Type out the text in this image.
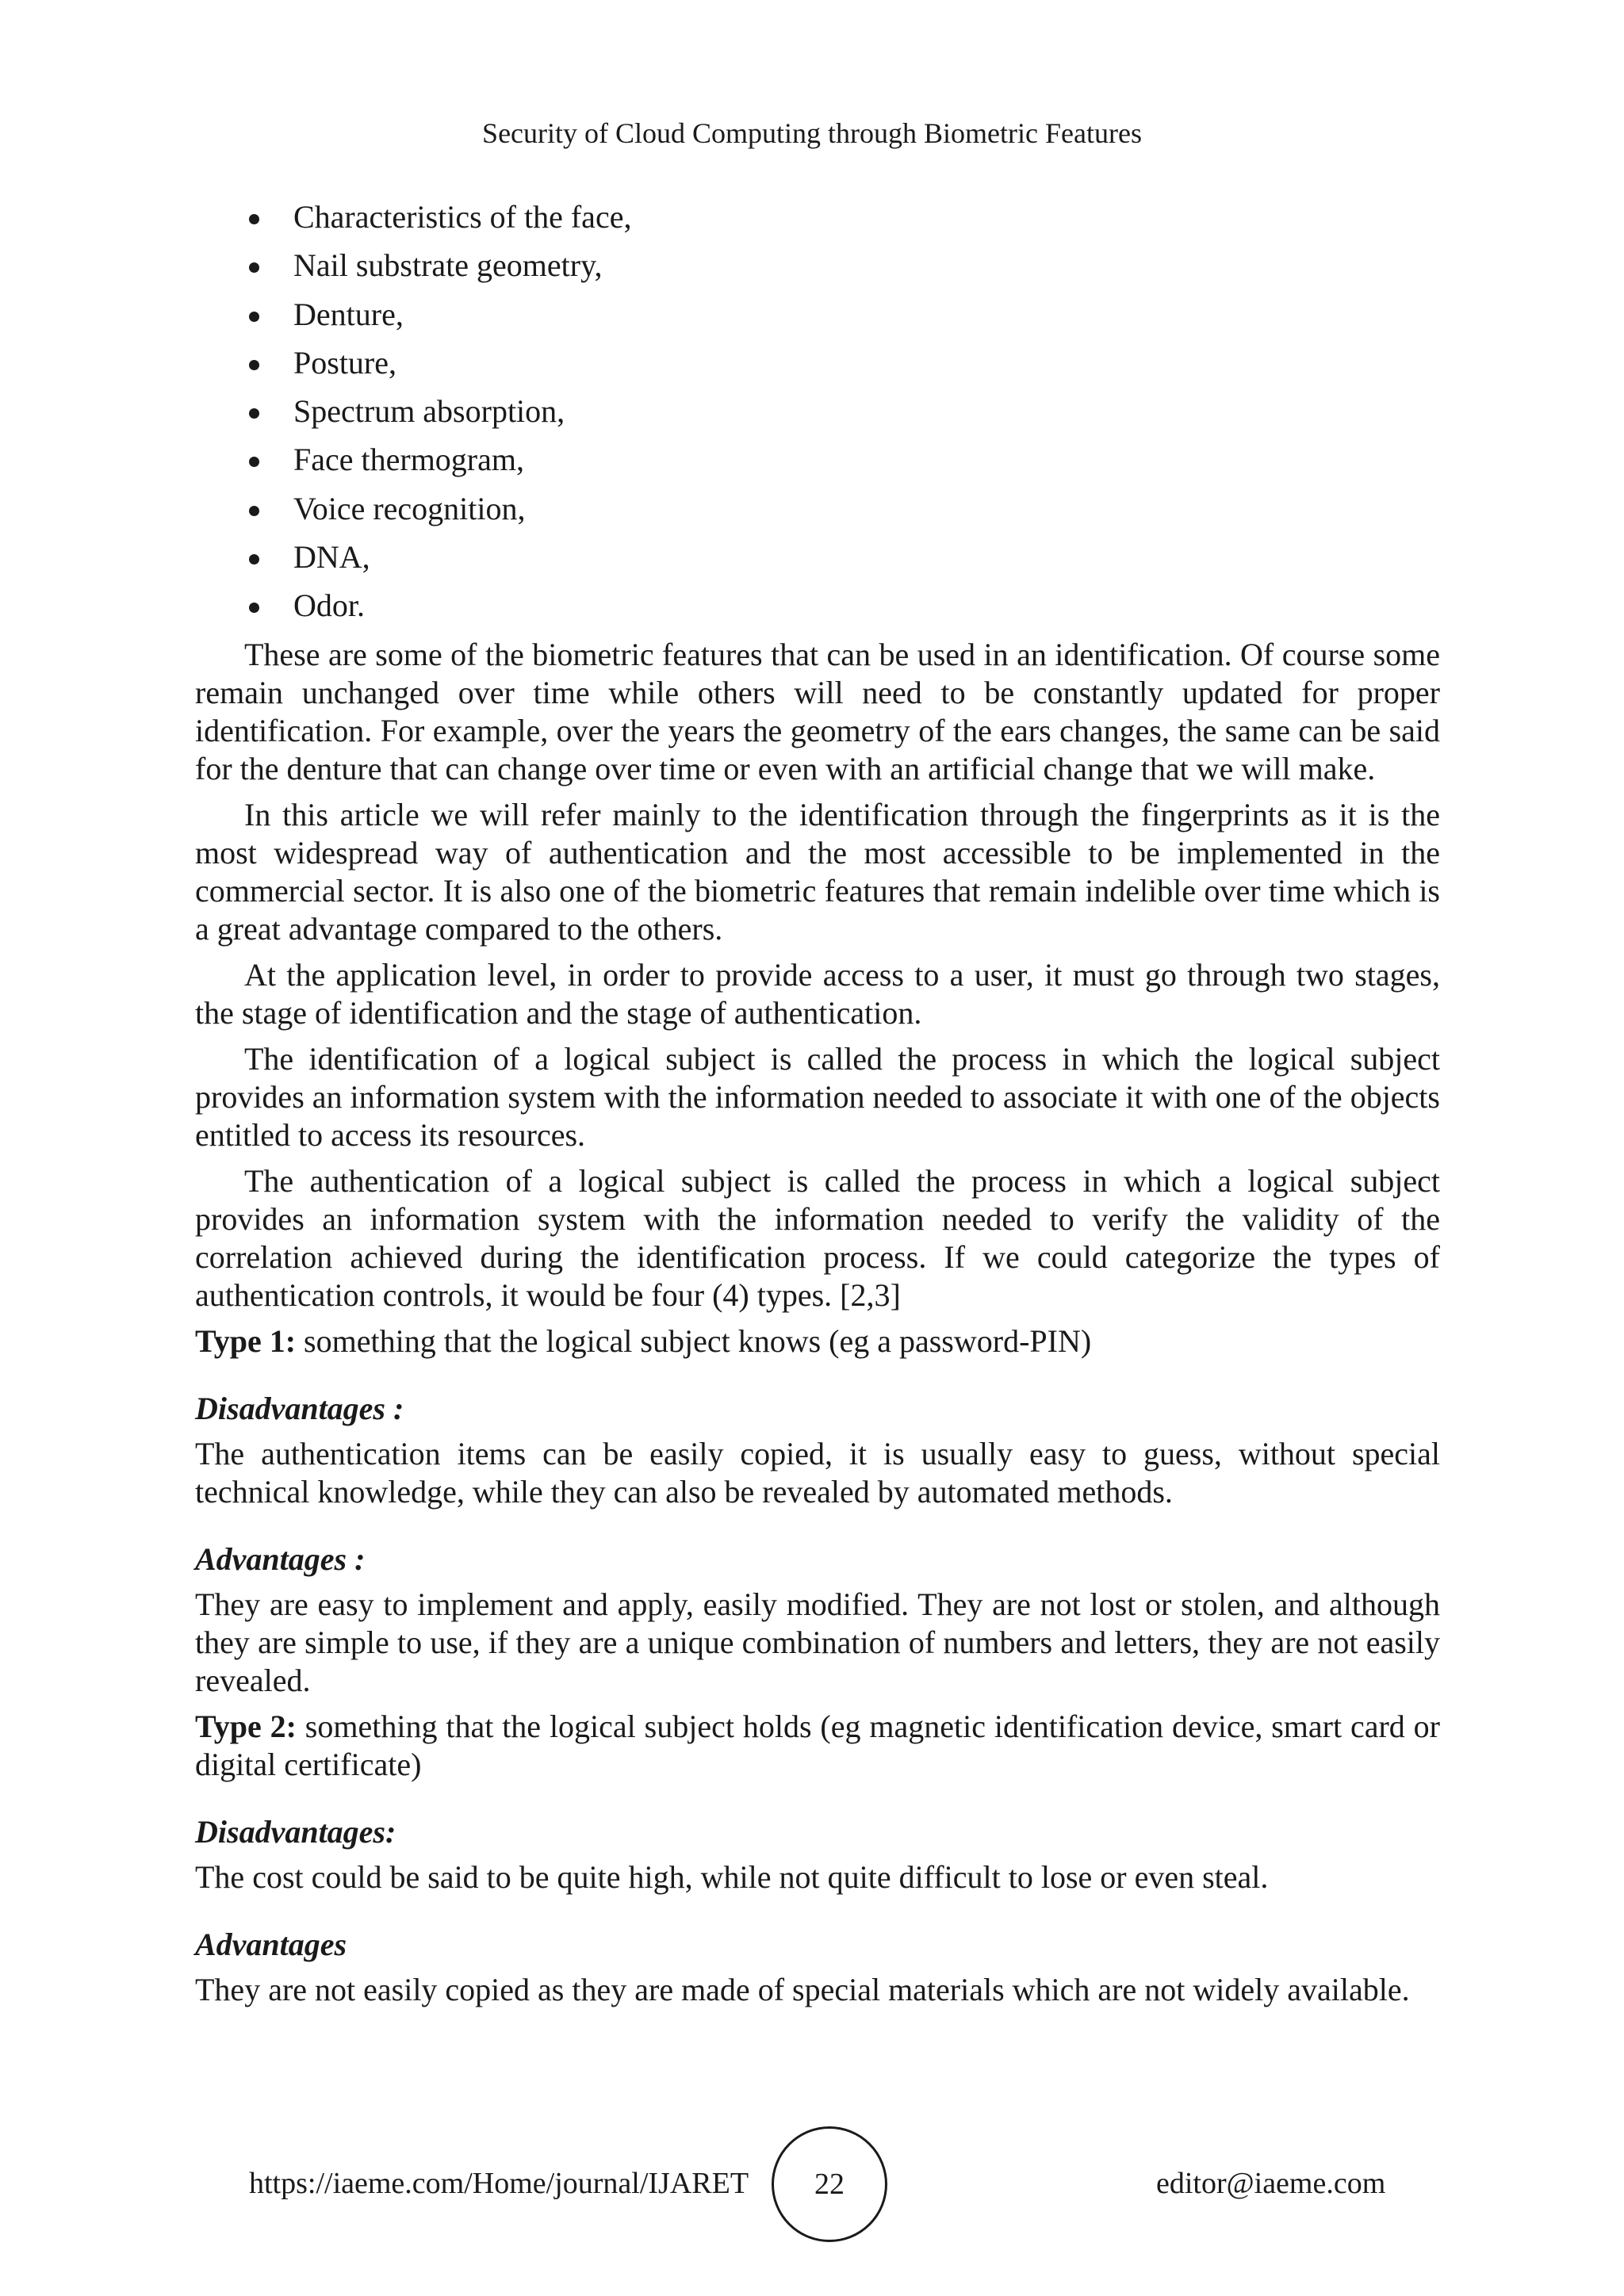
Security of Cloud Computing through Biometric Features
Characteristics of the face,
Nail substrate geometry,
Denture,
Posture,
Spectrum absorption,
Face thermogram,
Voice recognition,
DNA,
Odor.

These are some of the biometric features that can be used in an identification. Of course some remain unchanged over time while others will need to be constantly updated for proper identification. For example, over the years the geometry of the ears changes, the same can be said for the denture that can change over time or even with an artificial change that we will make.

In this article we will refer mainly to the identification through the fingerprints as it is the most widespread way of authentication and the most accessible to be implemented in the commercial sector. It is also one of the biometric features that remain indelible over time which is a great advantage compared to the others.

At the application level, in order to provide access to a user, it must go through two stages, the stage of identification and the stage of authentication.

The identification of a logical subject is called the process in which the logical subject provides an information system with the information needed to associate it with one of the objects entitled to access its resources.

The authentication of a logical subject is called the process in which a logical subject provides an information system with the information needed to verify the validity of the correlation achieved during the identification process. If we could categorize the types of authentication controls, it would be four (4) types. [2,3]

Type 1: something that the logical subject knows (eg a password-PIN)

Disadvantages :

The authentication items can be easily copied, it is usually easy to guess, without special technical knowledge, while they can also be revealed by automated methods.

Advantages :

They are easy to implement and apply, easily modified. They are not lost or stolen, and although they are simple to use, if they are a unique combination of numbers and letters, they are not easily revealed.

Type 2: something that the logical subject holds (eg magnetic identification device, smart card or digital certificate)

Disadvantages:

The cost could be said to be quite high, while not quite difficult to lose or even steal.

Advantages

They are not easily copied as they are made of special materials which are not widely available.

https://iaeme.com/Home/journal/IJARET	22	editor@iaeme.com
